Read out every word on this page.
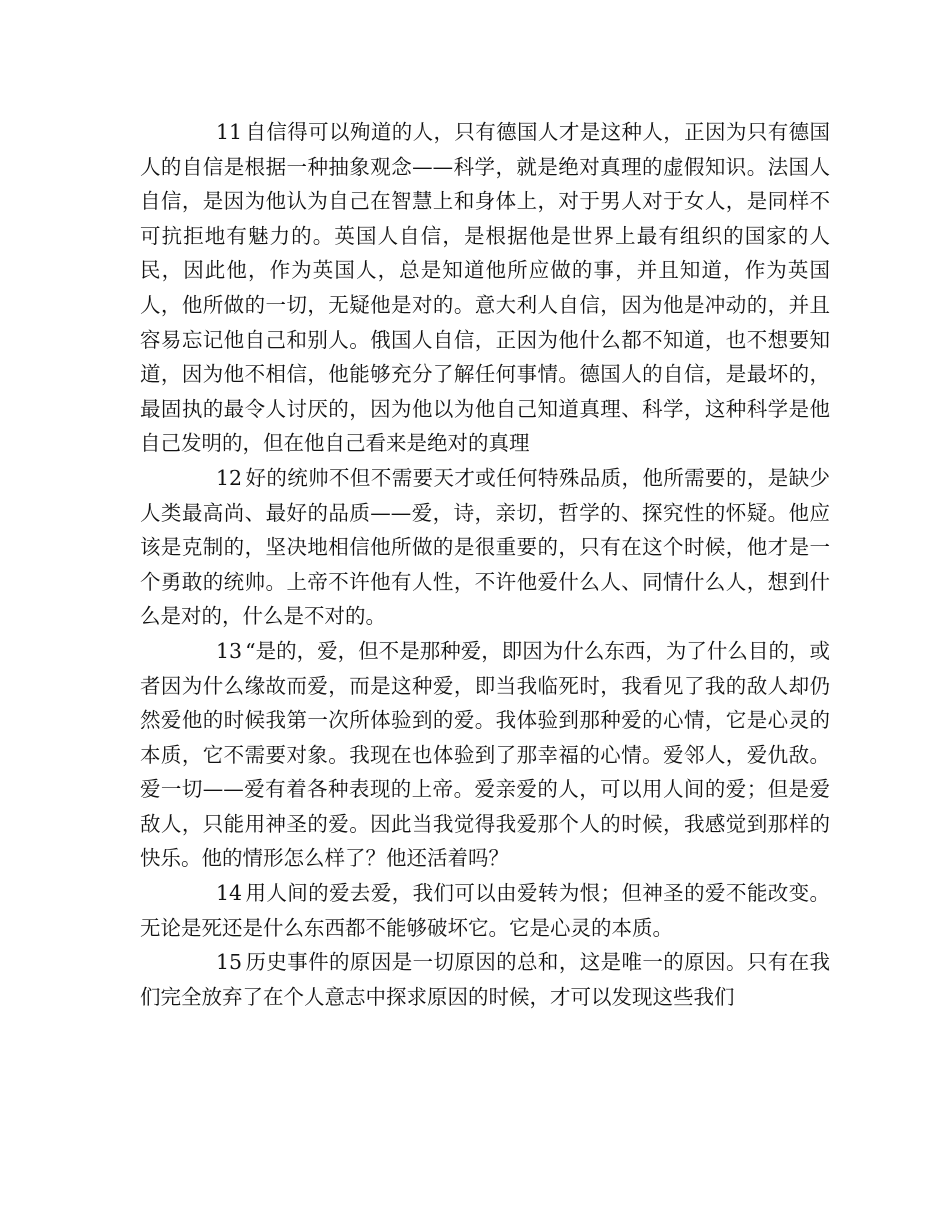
11 自信得可以殉道的人，只有德国人才是这种人，正因为只有德国人的自信是根据一种抽象观念——科学，就是绝对真理的虚假知识。法国人自信，是因为他认为自己在智慧上和身体上，对于男人对于女人，是同样不可抗拒地有魅力的。英国人自信，是根据他是世界上最有组织的国家的人民，因此他，作为英国人，总是知道他所应做的事，并且知道，作为英国人，他所做的一切，无疑他是对的。意大利人自信，因为他是冲动的，并且容易忘记他自己和别人。俄国人自信，正因为他什么都不知道，也不想要知道，因为他不相信，他能够充分了解任何事情。德国人的自信，是最坏的，最固执的最令人讨厌的，因为他以为他自己知道真理、科学，这种科学是他自己发明的，但在他自己看来是绝对的真理

12 好的统帅不但不需要天才或任何特殊品质，他所需要的，是缺少人类最高尚、最好的品质——爱，诗，亲切，哲学的、探究性的怀疑。他应该是克制的，坚决地相信他所做的是很重要的，只有在这个时候，他才是一个勇敢的统帅。上帝不许他有人性，不许他爱什么人、同情什么人，想到什么是对的，什么是不对的。

13 “是的，爱，但不是那种爱，即因为什么东西，为了什么目的，或者因为什么缘故而爱，而是这种爱，即当我临死时，我看见了我的敌人却仍然爱他的时候我第一次所体验到的爱。我体验到那种爱的心情，它是心灵的本质，它不需要对象。我现在也体验到了那幸福的心情。爱邻人，爱仇敌。爱一切——爱有着各种表现的上帝。爱亲爱的人，可以用人间的爱；但是爱敌人，只能用神圣的爱。因此当我觉得我爱那个人的时候，我感觉到那样的快乐。他的情形怎么样了？他还活着吗？

14 用人间的爱去爱，我们可以由爱转为恨；但神圣的爱不能改变。无论是死还是什么东西都不能够破坏它。它是心灵的本质。

15 历史事件的原因是一切原因的总和，这是唯一的原因。只有在我们完全放弃了在个人意志中探求原因的时候，才可以发现这些我们
